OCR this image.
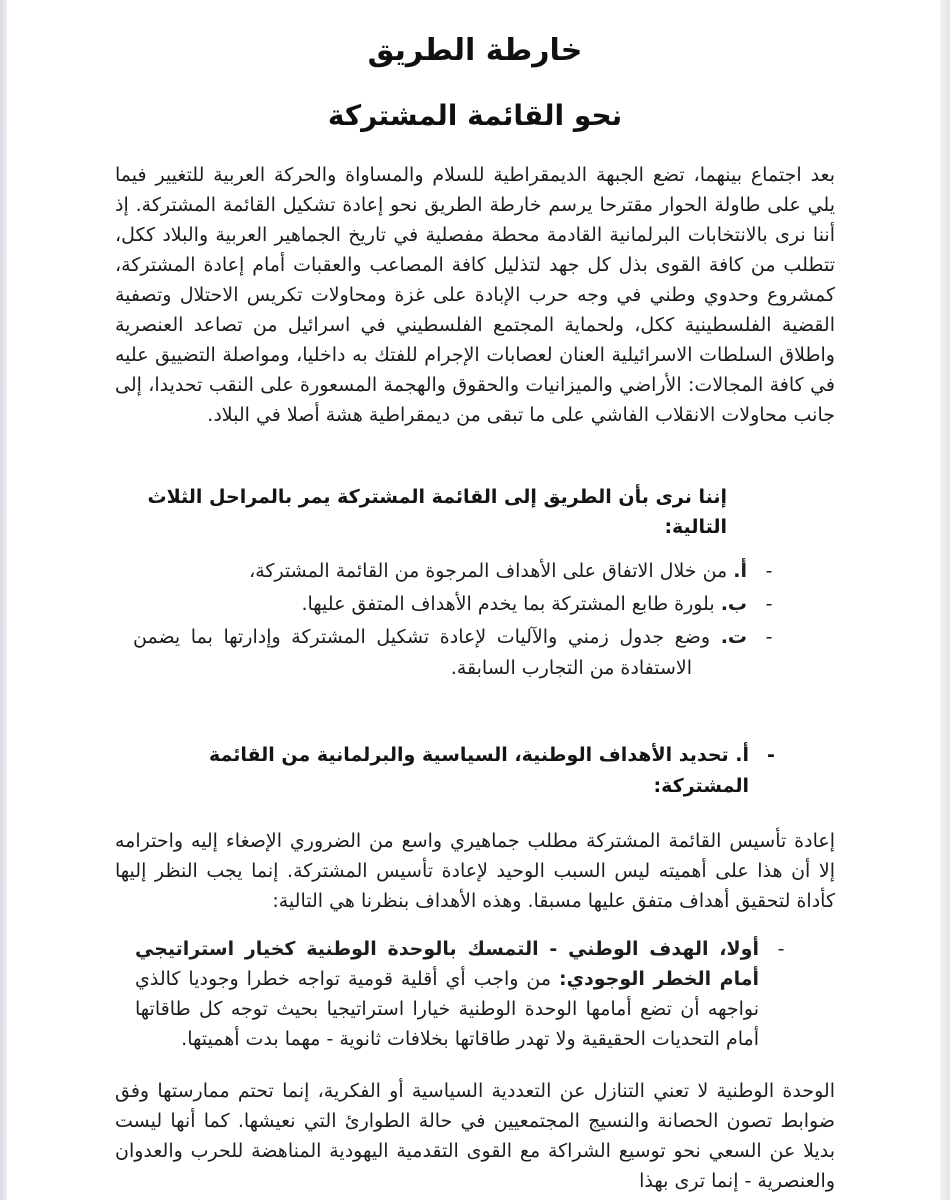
خارطة الطريق
نحو القائمة المشتركة

بعد اجتماع بينهما، تضع الجبهة الديمقراطية للسلام والمساواة والحركة العربية للتغيير فيما يلي على طاولة الحوار مقترحا يرسم خارطة الطريق نحو إعادة تشكيل القائمة المشتركة. إذ أننا نرى بالانتخابات البرلمانية القادمة محطة مفصلية في تاريخ الجماهير العربية والبلاد ككل، تتطلب من كافة القوى بذل كل جهد لتذليل كافة المصاعب والعقبات أمام إعادة المشتركة، كمشروع وحدوي وطني في وجه حرب الإبادة على غزة ومحاولات تكريس الاحتلال وتصفية القضية الفلسطينية ككل، ولحماية المجتمع الفلسطيني في اسرائيل من تصاعد العنصرية واطلاق السلطات الاسرائيلية العنان لعصابات الإجرام للفتك به داخليا، ومواصلة التضييق عليه في كافة المجالات: الأراضي والميزانيات والحقوق والهجمة المسعورة على النقب تحديدا، إلى جانب محاولات الانقلاب الفاشي على ما تبقى من ديمقراطية هشة أصلا في البلاد.

إننا نرى بأن الطريق إلى القائمة المشتركة يمر بالمراحل الثلاث التالية:

-
أ. من خلال الاتفاق على الأهداف المرجوة من القائمة المشتركة،
-
ب. بلورة طابع المشتركة بما يخدم الأهداف المتفق عليها.
-
ت. وضع جدول زمني والآليات لإعادة تشكيل المشتركة وإدارتها بما يضمن الاستفادة من التجارب السابقة.
-
أ. تحديد الأهداف الوطنية، السياسية والبرلمانية من القائمة المشتركة:

إعادة تأسيس القائمة المشتركة مطلب جماهيري واسع من الضروري الإصغاء إليه واحترامه إلا أن هذا على أهميته ليس السبب الوحيد لإعادة تأسيس المشتركة. إنما يجب النظر إليها كأداة لتحقيق أهداف متفق عليها مسبقا. وهذه الأهداف بنظرنا هي التالية:

-
أولا، الهدف الوطني - التمسك بالوحدة الوطنية كخيار استراتيجي أمام الخطر الوجودي: من واجب أي أقلية قومية تواجه خطرا وجوديا كالذي نواجهه أن تضع أمامها الوحدة الوطنية خيارا استراتيجيا بحيث توجه كل طاقاتها أمام التحديات الحقيقية ولا تهدر طاقاتها بخلافات ثانوية - مهما بدت أهميتها.

الوحدة الوطنية لا تعني التنازل عن التعددية السياسية أو الفكرية، إنما تحتم ممارستها وفق ضوابط تصون الحصانة والنسيج المجتمعيين في حالة الطوارئ التي نعيشها. كما أنها ليست بديلا عن السعي نحو توسيع الشراكة مع القوى التقدمية اليهودية المناهضة للحرب والعدوان والعنصرية - إنما ترى بهذا
